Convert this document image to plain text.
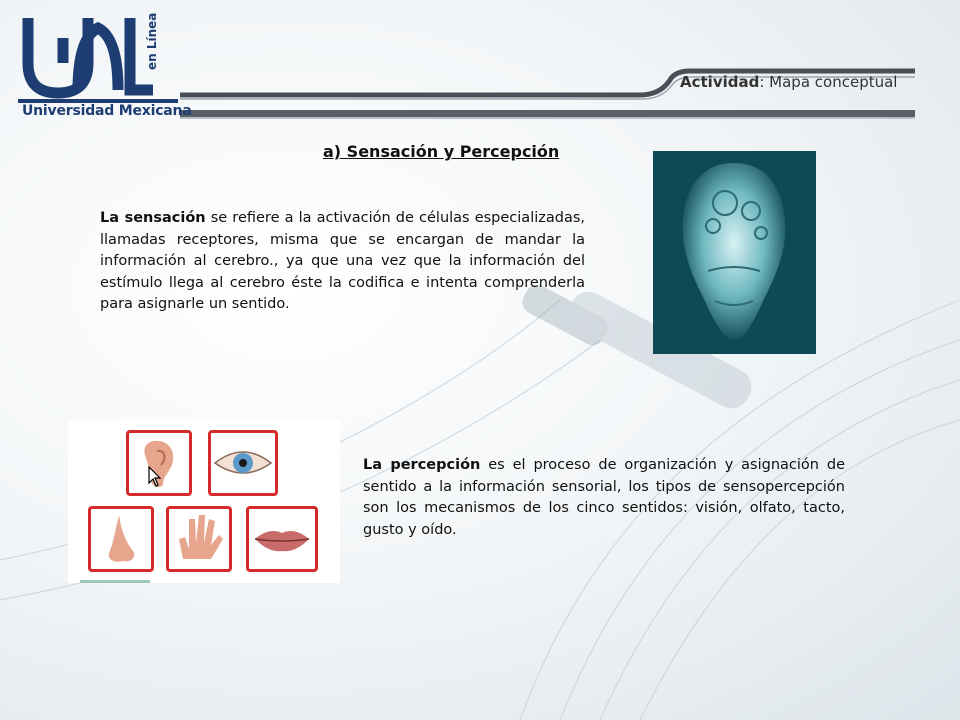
en Línea
Universidad Mexicana
Actividad: Mapa conceptual
a) Sensación y Percepción
La sensación se refiere a la activación de células especializadas, llamadas receptores, misma que se encargan de mandar la información al cerebro., ya que una vez que la información del estímulo llega al cerebro éste la codifica e intenta comprenderla para asignarle un sentido.
La percepción es el proceso de organización y asignación de sentido a la información sensorial, los tipos de sensopercepción son los mecanismos de los cinco sentidos: visión, olfato, tacto, gusto y oído.
